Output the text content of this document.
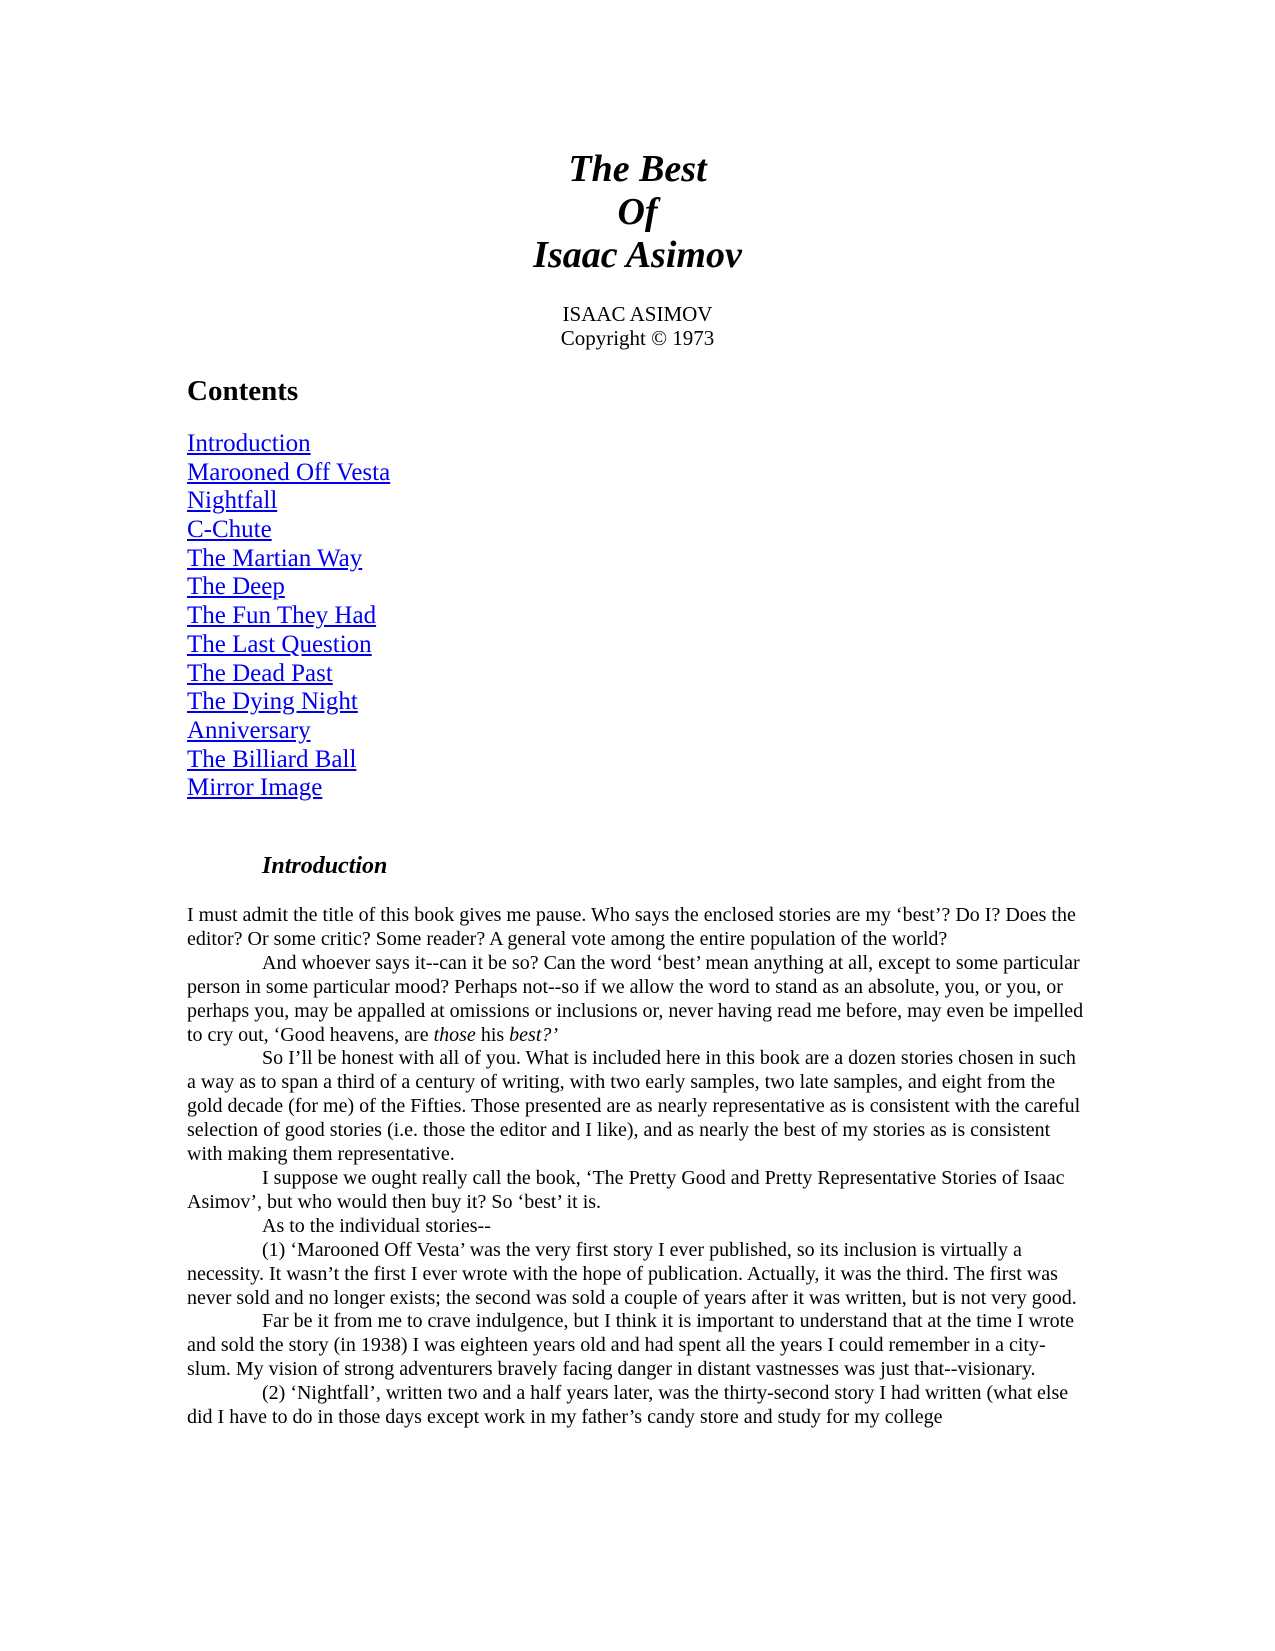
The Best
Of
Isaac Asimov
ISAAC ASIMOV
Copyright © 1973
Contents
Introduction
Marooned Off Vesta
Nightfall
C-Chute
The Martian Way
The Deep
The Fun They Had
The Last Question
The Dead Past
The Dying Night
Anniversary
The Billiard Ball
Mirror Image
Introduction

I must admit the title of this book gives me pause. Who says the enclosed stories are my ‘best’? Do I? Does the editor? Or some critic? Some reader? A general vote among the entire population of the world?

And whoever says it--can it be so? Can the word ‘best’ mean anything at all, except to some particular person in some particular mood? Perhaps not--so if we allow the word to stand as an absolute, you, or you, or perhaps you, may be appalled at omissions or inclusions or, never having read me before, may even be impelled to cry out, ‘Good heavens, are those his best?’

So I’ll be honest with all of you. What is included here in this book are a dozen stories chosen in such a way as to span a third of a century of writing, with two early samples, two late samples, and eight from the gold decade (for me) of the Fifties. Those presented are as nearly representative as is consistent with the careful selection of good stories (i.e. those the editor and I like), and as nearly the best of my stories as is consistent with making them representative.

I suppose we ought really call the book, ‘The Pretty Good and Pretty Representative Stories of Isaac Asimov’, but who would then buy it? So ‘best’ it is.

As to the individual stories--

(1) ‘Marooned Off Vesta’ was the very first story I ever published, so its inclusion is virtually a necessity. It wasn’t the first I ever wrote with the hope of publication. Actually, it was the third. The first was never sold and no longer exists; the second was sold a couple of years after it was written, but is not very good.

Far be it from me to crave indulgence, but I think it is important to understand that at the time I wrote and sold the story (in 1938) I was eighteen years old and had spent all the years I could remember in a city-slum. My vision of strong adventurers bravely facing danger in distant vastnesses was just that--visionary.

(2) ‘Nightfall’, written two and a half years later, was the thirty-second story I had written (what else did I have to do in those days except work in my father’s candy store and study for my college
